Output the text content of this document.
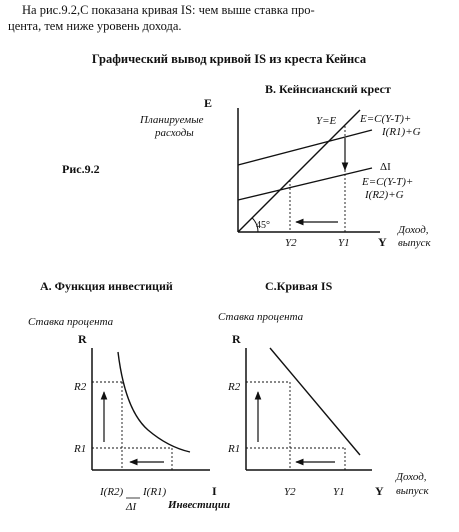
На рис.9.2,С показана кривая IS: чем выше ставка про-
цента, тем ниже уровень дохода.
Графический вывод кривой IS из креста Кейнса
Рис.9.2
B. Кейнсианский крест
E
Планируемые
расходы
45°
Y=E E=C(Y-T)+
I(R1)+G
ΔI
E=C(Y-T)+
I(R2)+G
Y2	Y1 Y
Доход,
выпуск
A. Функция инвестиций
Ставка процента
R
R2
R1
I(R2) I(R1)
ΔI
I
Инвестиции
C.Кривая IS
Ставка процента
R
R2
R1
Y2	Y1	Y
Доход,
выпуск
